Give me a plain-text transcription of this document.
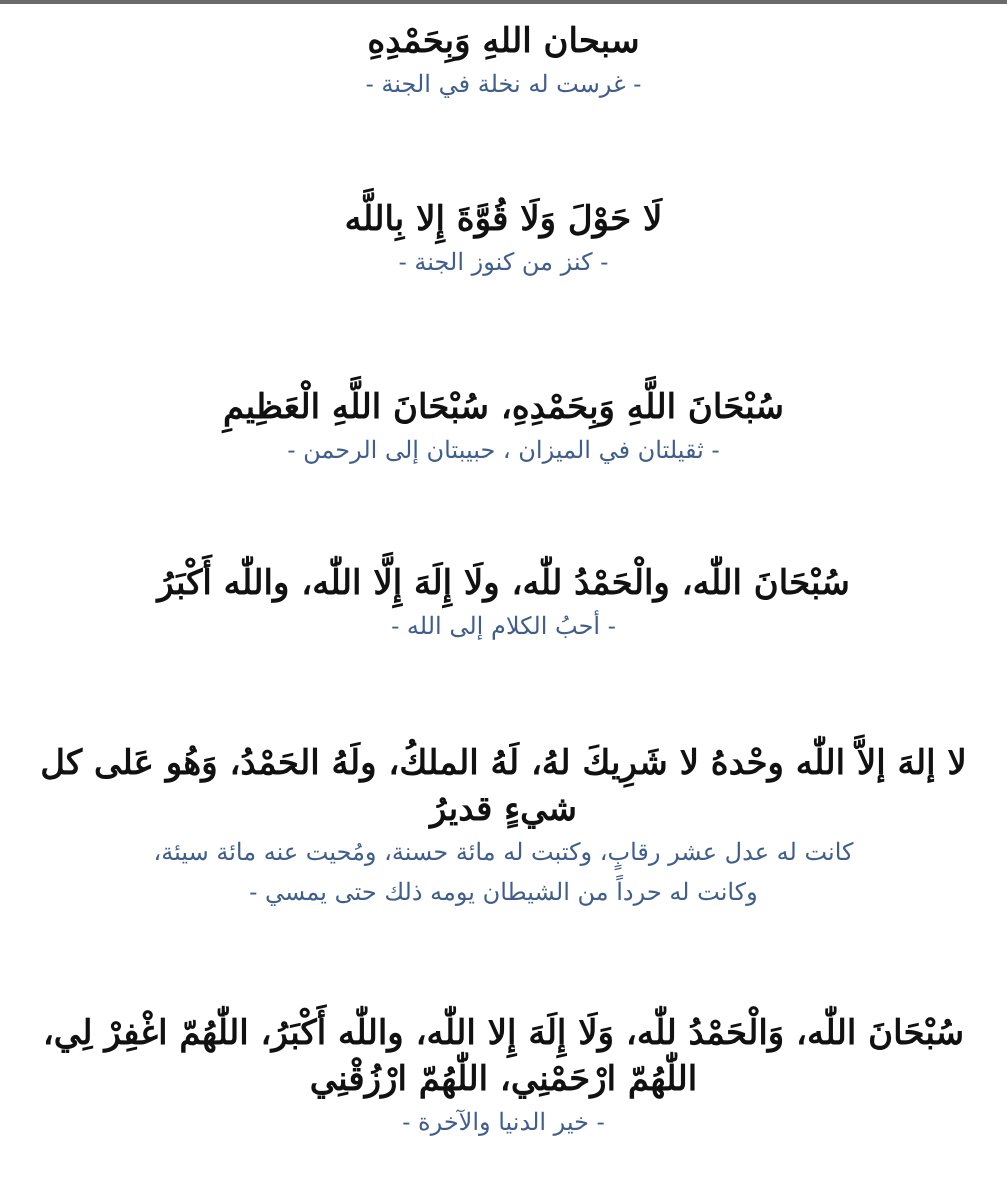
سبحان اللهِ وَبِحَمْدِهِ

- غرست له نخلة في الجنة -

لَا حَوْلَ وَلَا قُوَّةَ إِلا بِاللَّه

- كنز من كنوز الجنة -

سُبْحَانَ اللَّهِ وَبِحَمْدِهِ، سُبْحَانَ اللَّهِ الْعَظِيمِ

- ثقيلتان في الميزان ، حبيبتان إلى الرحمن -

سُبْحَانَ اللّٰه، والْحَمْدُ للّٰه، ولَا إِلَهَ إِلَّا اللّٰه، واللّٰه أَكْبَرُ

- أحبُ الكلام إلى الله -

لا إلهَ إلاَّ اللّٰه وحْدهُ لا شَرِيكَ لهُ، لَهُ الملكُ، ولَهُ الحَمْدُ، وَهُو عَلى كل شيءٍ قديرُ

كانت له عدل عشر رقابٍ، وكتبت له مائة حسنة، ومُحيت عنه مائة سيئة،

وكانت له حرداً من الشيطان يومه ذلك حتى يمسي -

سُبْحَانَ اللّٰه، وَالْحَمْدُ للّٰه، وَلَا إِلَهَ إِلا اللّٰه، واللّٰه أَكْبَرُ، اللّٰهُمّ اغْفِرْ لِي، اللّٰهُمّ ارْحَمْنِي، اللّٰهُمّ ارْزُقْنِي

- خير الدنيا والآخرة -
